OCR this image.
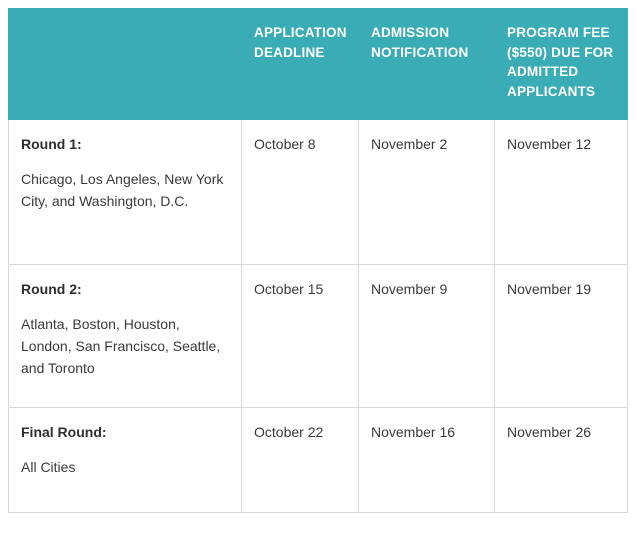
	APPLICATION DEADLINE	ADMISSION NOTIFICATION	PROGRAM FEE ($550) DUE FOR ADMITTED APPLICANTS

Round 1:
Chicago, Los Angeles, New York City, and Washington, D.C.	October 8	November 2	November 12

Round 2:
Atlanta, Boston, Houston, London, San Francisco, Seattle, and Toronto	October 15	November 9	November 19

Final Round:
All Cities	October 22	November 16	November 26
